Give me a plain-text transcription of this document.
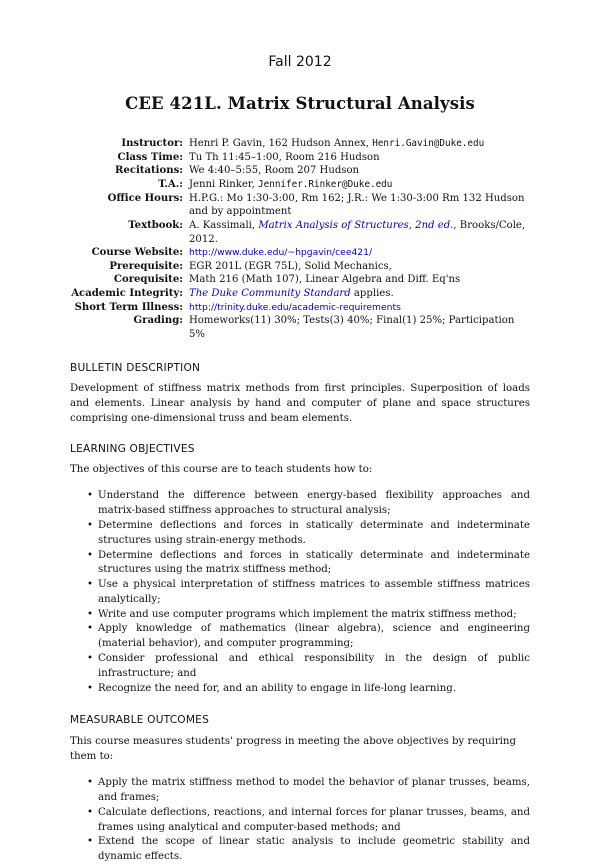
Fall 2012
CEE 421L. Matrix Structural Analysis
Instructor:	Henri P. Gavin, 162 Hudson Annex, Henri.Gavin@Duke.edu
Class Time:	Tu Th 11:45–1:00, Room 216 Hudson
Recitations:	We 4:40–5:55, Room 207 Hudson
T.A.:	Jenni Rinker, Jennifer.Rinker@Duke.edu
Office Hours:	H.P.G.: Mo 1:30-3:00, Rm 162; J.R.: We 1:30-3:00 Rm 132 Hudson
and by appointment
Textbook:	A. Kassimali, Matrix Analysis of Structures, 2nd ed., Brooks/Cole, 2012.
Course Website:	http://www.duke.edu/~hpgavin/cee421/
Prerequisite:	EGR 201L (EGR 75L), Solid Mechanics,
Corequisite:	Math 216 (Math 107), Linear Algebra and Diff. Eq'ns
Academic Integrity:	The Duke Community Standard applies.
Short Term Illness:	http://trinity.duke.edu/academic-requirements
Grading:	Homeworks(11) 30%; Tests(3) 40%; Final(1) 25%; Participation 5%
BULLETIN DESCRIPTION

Development of stiffness matrix methods from first principles. Superposition of loads and elements. Linear analysis by hand and computer of plane and space structures comprising one-dimensional truss and beam elements.

LEARNING OBJECTIVES

The objectives of this course are to teach students how to:

• Understand the difference between energy-based flexibility approaches and matrix-based stiffness approaches to structural analysis;
• Determine deflections and forces in statically determinate and indeterminate structures using strain-energy methods.
• Determine deflections and forces in statically determinate and indeterminate structures using the matrix stiffness method;
• Use a physical interpretation of stiffness matrices to assemble stiffness matrices analytically;
• Write and use computer programs which implement the matrix stiffness method;
• Apply knowledge of mathematics (linear algebra), science and engineering (material behavior), and computer programming;
• Consider professional and ethical responsibility in the design of public infrastructure; and
• Recognize the need for, and an ability to engage in life-long learning.
MEASURABLE OUTCOMES

This course measures students' progress in meeting the above objectives by requiring them to:

• Apply the matrix stiffness method to model the behavior of planar trusses, beams, and frames;
• Calculate deflections, reactions, and internal forces for planar trusses, beams, and frames using analytical and computer-based methods; and
• Extend the scope of linear static analysis to include geometric stability and dynamic effects.
